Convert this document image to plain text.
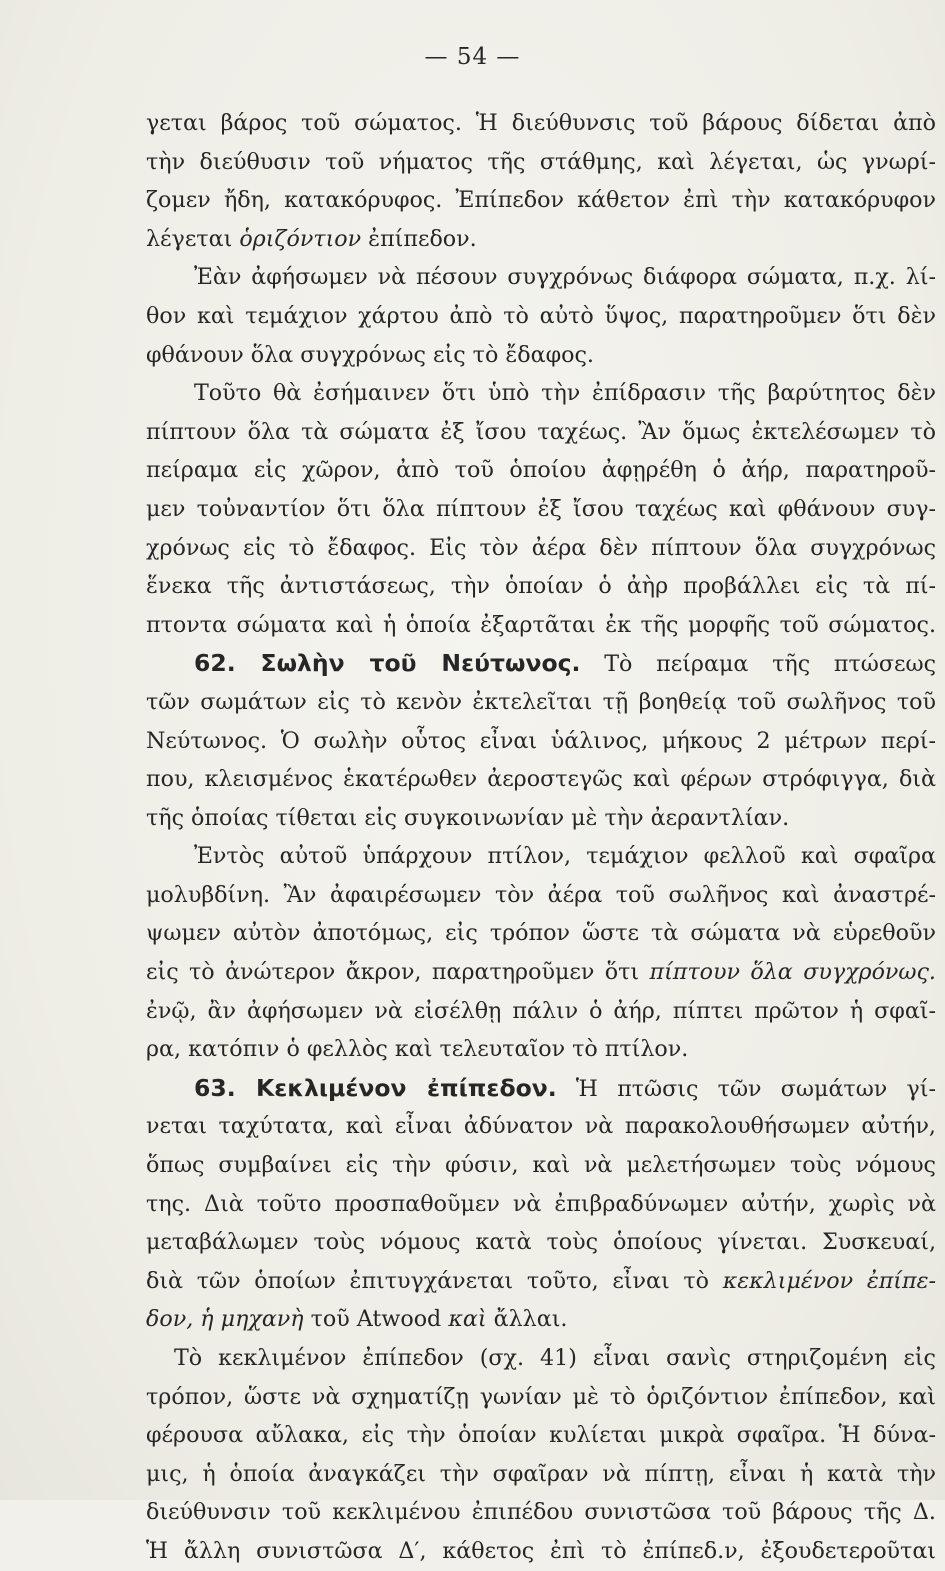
— 54 —
γεται βάρος τοῦ σώματος. Ἡ διεύθυνσις τοῦ βάρους δίδεται ἀπὸ
τὴν διεύθυσιν τοῦ νήματος τῆς στάθμης, καὶ λέγεται, ὡς γνωρί-
ζομεν ἤδη, κατακόρυφος. Ἐπίπεδον κάθετον ἐπὶ τὴν κατακόρυφον
λέγεται ὁριζόντιον ἐπίπεδον.
Ἐὰν ἀφήσωμεν νὰ πέσουν συγχρόνως διάφορα σώματα, π.χ. λί-
θον καὶ τεμάχιον χάρτου ἀπὸ τὸ αὐτὸ ὕψος, παρατηροῦμεν ὅτι δὲν
φθάνουν ὅλα συγχρόνως εἰς τὸ ἔδαφος.
Τοῦτο θὰ ἐσήμαινεν ὅτι ὑπὸ τὴν ἐπίδρασιν τῆς βαρύτητος δὲν
πίπτουν ὅλα τὰ σώματα ἐξ ἴσου ταχέως. Ἂν ὅμως ἐκτελέσωμεν τὸ
πείραμα εἰς χῶρον, ἀπὸ τοῦ ὁποίου ἀφῃρέθη ὁ ἀήρ, παρατηροῦ-
μεν τοὐναντίον ὅτι ὅλα πίπτουν ἐξ ἴσου ταχέως καὶ φθάνουν συγ-
χρόνως εἰς τὸ ἔδαφος. Εἰς τὸν ἀέρα δὲν πίπτουν ὅλα συγχρόνως
ἕνεκα τῆς ἀντιστάσεως, τὴν ὁποίαν ὁ ἀὴρ προβάλλει εἰς τὰ πί-
πτοντα σώματα καὶ ἡ ὁποία ἐξαρτᾶται ἐκ τῆς μορφῆς τοῦ σώματος.
62. Σωλὴν τοῦ Νεύτωνος. Τὸ πείραμα τῆς πτώσεως
τῶν σωμάτων εἰς τὸ κενὸν ἐκτελεῖται τῇ βοηθείᾳ τοῦ σωλῆνος τοῦ
Νεύτωνος. Ὁ σωλὴν οὗτος εἶναι ὑάλινος, μήκους 2 μέτρων περί-
που, κλεισμένος ἑκατέρωθεν ἀεροστεγῶς καὶ φέρων στρόφιγγα, διὰ
τῆς ὁποίας τίθεται εἰς συγκοινωνίαν μὲ τὴν ἀεραντλίαν.
Ἐντὸς αὐτοῦ ὑπάρχουν πτίλον, τεμάχιον φελλοῦ καὶ σφαῖρα
μολυβδίνη. Ἂν ἀφαιρέσωμεν τὸν ἀέρα τοῦ σωλῆνος καὶ ἀναστρέ-
ψωμεν αὐτὸν ἀποτόμως, εἰς τρόπον ὥστε τὰ σώματα νὰ εὑρεθοῦν
εἰς τὸ ἀνώτερον ἄκρον, παρατηροῦμεν ὅτι πίπτουν ὅλα συγχρόνως.
ἐνῷ, ἂν ἀφήσωμεν νὰ εἰσέλθῃ πάλιν ὁ ἀήρ, πίπτει πρῶτον ἡ σφαῖ-
ρα, κατόπιν ὁ φελλὸς καὶ τελευταῖον τὸ πτίλον.
63. Κεκλιμένον ἐπίπεδον. Ἡ πτῶσις τῶν σωμάτων γί-
νεται ταχύτατα, καὶ εἶναι ἀδύνατον νὰ παρακολουθήσωμεν αὐτήν,
ὅπως συμβαίνει εἰς τὴν φύσιν, καὶ νὰ μελετήσωμεν τοὺς νόμους
της. Διὰ τοῦτο προσπαθοῦμεν νὰ ἐπιβραδύνωμεν αὐτήν, χωρὶς νὰ
μεταβάλωμεν τοὺς νόμους κατὰ τοὺς ὁποίους γίνεται. Συσκευαί,
διὰ τῶν ὁποίων ἐπιτυγχάνεται τοῦτο, εἶναι τὸ κεκλιμένον ἐπίπε-
δον, ἡ μηχανὴ τοῦ Atwood καὶ ἄλλαι.
Τὸ κεκλιμένον ἐπίπεδον (σχ. 41) εἶναι σανὶς στηριζομένη εἰς
τρόπον, ὥστε νὰ σχηματίζῃ γωνίαν μὲ τὸ ὁριζόντιον ἐπίπεδον, καὶ
φέρουσα αὔλακα, εἰς τὴν ὁποίαν κυλίεται μικρὰ σφαῖρα. Ἡ δύνα-
μις, ἡ ὁποία ἀναγκάζει τὴν σφαῖραν νὰ πίπτῃ, εἶναι ἡ κατὰ τὴν
διεύθυνσιν τοῦ κεκλιμένου ἐπιπέδου συνιστῶσα τοῦ βάρους τῆς Δ.
Ἡ ἄλλη συνιστῶσα Δ′, κάθετος ἐπὶ τὸ ἐπίπεδ.ν, ἐξουδετεροῦται
